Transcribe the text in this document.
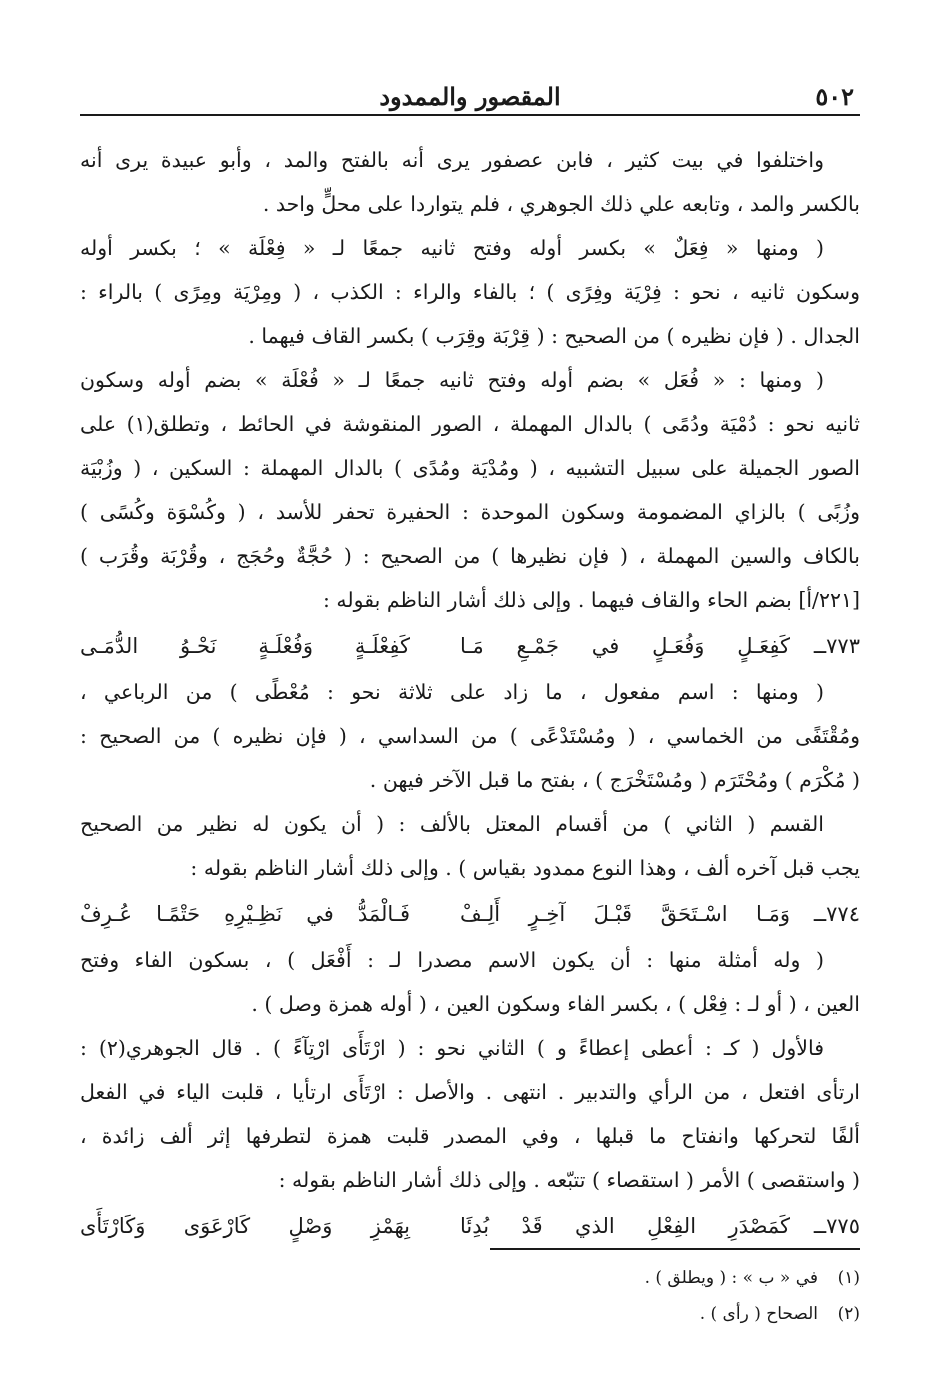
٥٠٢
المقصور والممدود
واختلفوا في بيت كثير ، فابن عصفور يرى أنه بالفتح والمد ، وأبو عبيدة يرى أنه
بالكسر والمد ، وتابعه علي ذلك الجوهري ، فلم يتواردا على محلٍّ واحد .
( ومنها « فِعَلٌ » بكسر أوله وفتح ثانيه جمعًا لـ « فِعْلَة » ؛ بكسر أوله
وسكون ثانيه ، نحو : فِرْيَة وفِرًى ) ؛ بالفاء والراء : الكذب ، ( ومِرْيَة ومِرًى ) بالراء :
الجدال . ( فإن نظيره ) من الصحيح : ( قِرْبَة وقِرَب ) بكسر القاف فيهما .
( ومنها : « فُعَل » بضم أوله وفتح ثانيه جمعًا لـ « فُعْلَة » بضم أوله وسكون
ثانيه نحو : دُمْيَة ودُمًى ) بالدال المهملة ، الصور المنقوشة في الحائط ، وتطلق(١) على
الصور الجميلة على سبيل التشبيه ، ( ومُدْيَة ومُدًى ) بالدال المهملة : السكين ، ( وزُبْيَة
وزُبًى ) بالزاي المضمومة وسكون الموحدة : الحفيرة تحفر للأسد ، ( وكُسْوَة وكُسًى )
بالكاف والسين المهملة ، ( فإن نظيرها ) من الصحيح : ( حُجَّةٌ وحُجَج ، وقُرْبَة وقُرَب )
[٢٢١/أ] بضم الحاء والقاف فيهما . وإلى ذلك أشار الناظم بقوله :
٧٧٣ــ
كَفِعَـلٍ وَفُعَـلٍ في جَمْـعِ مَـا
كَفِعْلَـةٍ وَفُعْلَـةٍ نَحْـوُ الدُّمَـى
( ومنها : اسم مفعول ، ما زاد على ثلاثة نحو : مُعْطًى ) من الرباعي ،
ومُقْتَفًى من الخماسي ، ( ومُسْتَدْعًى ) من السداسي ، ( فإن نظيره ) من الصحيح :
( مُكْرَم ) ومُحْتَرَم ( ومُسْتَخْرَج ) ، بفتح ما قبل الآخر فيهن .
القسم ( الثاني ) من أقسام المعتل بالألف : ( أن يكون له نظير من الصحيح
يجب قبل آخره ألف ، وهذا النوع ممدود بقياس ) . وإلى ذلك أشار الناظم بقوله :
٧٧٤ــ
وَمَـا اسْـتَحَقَّ قَبْـلَ آخِـرٍ أَلِـفْ
فَـالْمَدُّ في نَظِـيْرِهِ حَتْمًـا عُـرِفْ
( وله أمثلة منها : أن يكون الاسم مصدرا لـ : أَفْعَل ) ، بسكون الفاء وفتح
العين ، ( أو لـ : فِعْل ) ، بكسر الفاء وسكون العين ، ( أوله همزة وصل ) .
فالأول ( كـ : أعطى إعطاءً و ) الثاني نحو : ( ارْتَأَى ارْتِآءً ) . قال الجوهري(٢) :
ارتأى افتعل ، من الرأي والتدبير . انتهى . والأصل : ارْتَأَى ارتأيا ، قلبت الياء في الفعل
ألفًا لتحركها وانفتاح ما قبلها ، وفي المصدر قلبت همزة لتطرفها إثر ألف زائدة ،
( واستقصى ) الأمر ( استقصاء ) تتبّعه . وإلى ذلك أشار الناظم بقوله :
٧٧٥ــ
كَمَصْدَرِ الفِعْلِ الذي قَدْ بُدِئَا
بِهَمْزِ وَصْلٍ كَارْعَوَى وَكَارْتَأَى
(١)في « ب » : ( ويطلق ) .
(٢)الصحاح ( رأى ) .
